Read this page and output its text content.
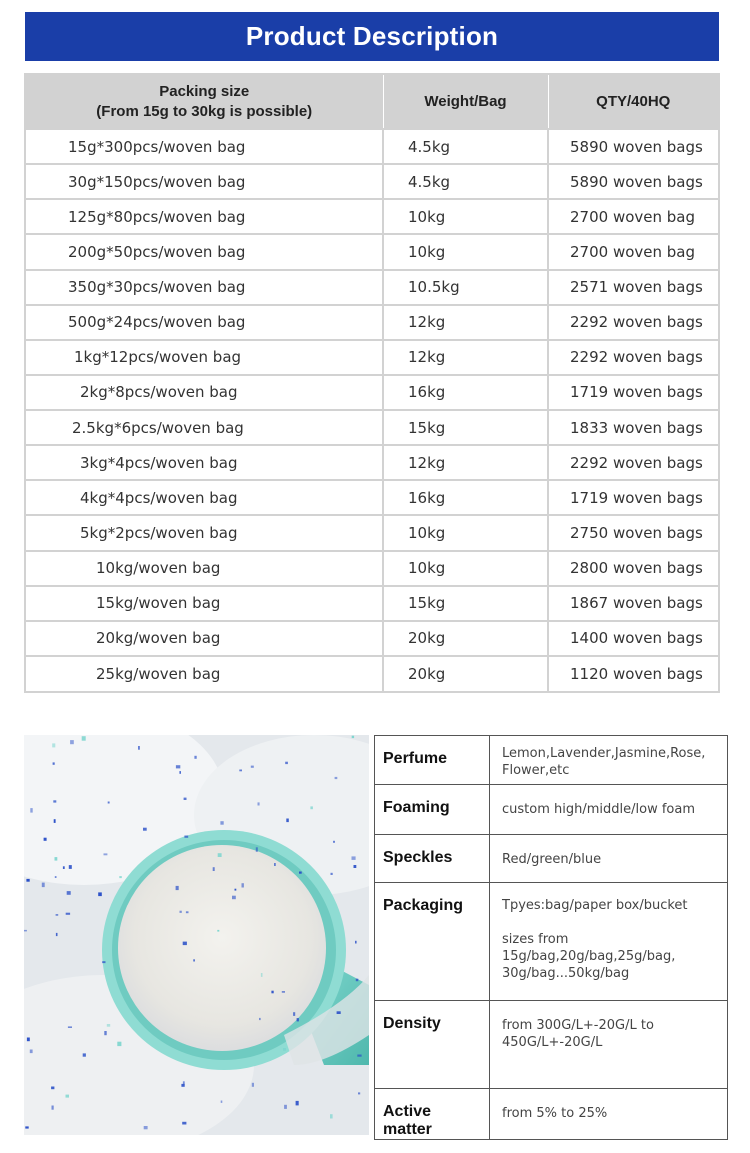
Product Description
Packing size
(From 15g to 30kg is possible)	Weight/Bag	QTY/40HQ
15g*300pcs/woven bag	4.5kg	5890 woven bags
30g*150pcs/woven bag	4.5kg	5890 woven bags
125g*80pcs/woven bag	10kg	2700 woven bag
200g*50pcs/woven bag	10kg	2700 woven bag
350g*30pcs/woven bag	10.5kg	2571 woven bags
500g*24pcs/woven bag	12kg	2292 woven bags
1kg*12pcs/woven bag	12kg	2292 woven bags
2kg*8pcs/woven bag	16kg	1719 woven bags
2.5kg*6pcs/woven bag	15kg	1833 woven bags
3kg*4pcs/woven bag	12kg	2292 woven bags
4kg*4pcs/woven bag	16kg	1719 woven bags
5kg*2pcs/woven bag	10kg	2750 woven bags
10kg/woven bag	10kg	2800 woven bags
15kg/woven bag	15kg	1867 woven bags
20kg/woven bag	20kg	1400 woven bags
25kg/woven bag	20kg	1120 woven bags
Perfume	Lemon,Lavender,Jasmine,Rose, Flower,etc

Foaming	custom high/middle/low foam

Speckles	Red/green/blue

Packaging	Tpyes:bag/paper box/bucket

sizes from 15g/bag,20g/bag,25g/bag, 30g/bag...50kg/bag

Density	from 300G/L+-20G/L to 450G/L+-20G/L

Active matter	from 5% to 25%
